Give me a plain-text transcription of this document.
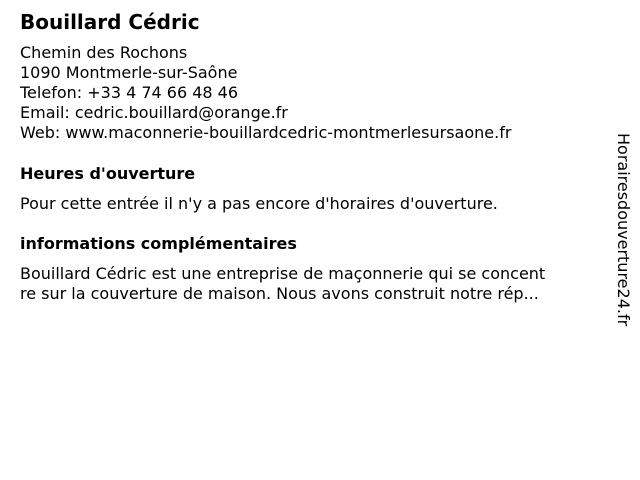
Bouillard Cédric
Chemin des Rochons
1090 Montmerle-sur-Saône
Telefon: +33 4 74 66 48 46
Email: cedric.bouillard@orange.fr
Web: www.maconnerie-bouillardcedric-montmerlesursaone.fr
Heures d'ouverture
Pour cette entrée il n'y a pas encore d'horaires d'ouverture.
informations complémentaires
Bouillard Cédric est une entreprise de maçonnerie qui se concent
re sur la couverture de maison. Nous avons construit notre rép...	Horairesdouverture24.fr
